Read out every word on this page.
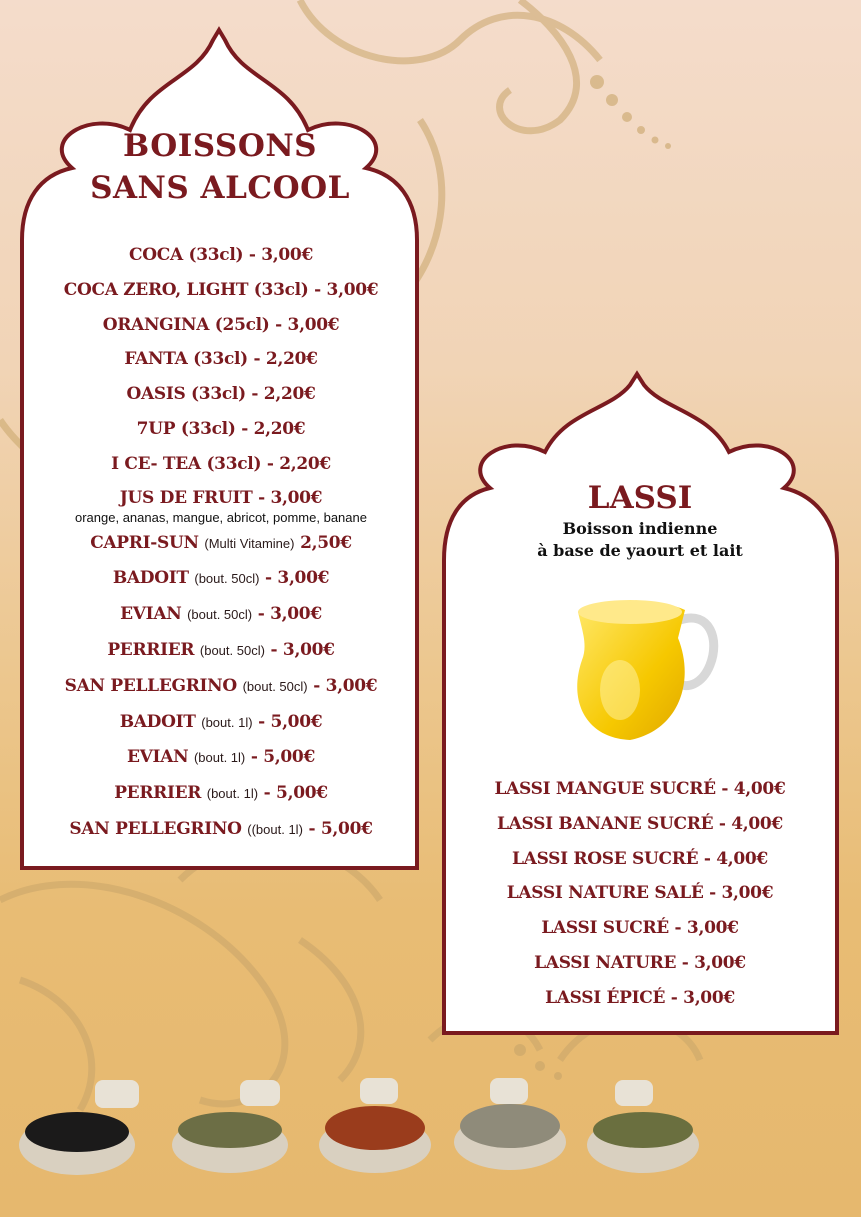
BOISSONS
SANS ALCOOL
COCA (33cl) - 3,00€
COCA ZERO, LIGHT (33cl) - 3,00€
ORANGINA (25cl) - 3,00€
FANTA (33cl) - 2,20€
OASIS (33cl) - 2,20€
7UP (33cl) - 2,20€
I CE- TEA (33cl) - 2,20€
JUS DE FRUIT - 3,00€
orange, ananas, mangue, abricot, pomme, banane
CAPRI-SUN (Multi Vitamine) 2,50€
BADOIT (bout. 50cl) - 3,00€
EVIAN (bout. 50cl) - 3,00€
PERRIER (bout. 50cl) - 3,00€
SAN PELLEGRINO (bout. 50cl) - 3,00€
BADOIT (bout. 1l) - 5,00€
EVIAN (bout. 1l) - 5,00€
PERRIER (bout. 1l) - 5,00€
SAN PELLEGRINO ((bout. 1l) - 5,00€
LASSI
Boisson indienne
à base de yaourt et lait
LASSI MANGUE SUCRÉ - 4,00€
LASSI BANANE SUCRÉ - 4,00€
LASSI ROSE SUCRÉ - 4,00€
LASSI NATURE SALÉ - 3,00€
LASSI SUCRÉ - 3,00€
LASSI NATURE - 3,00€
LASSI ÉPICÉ - 3,00€
